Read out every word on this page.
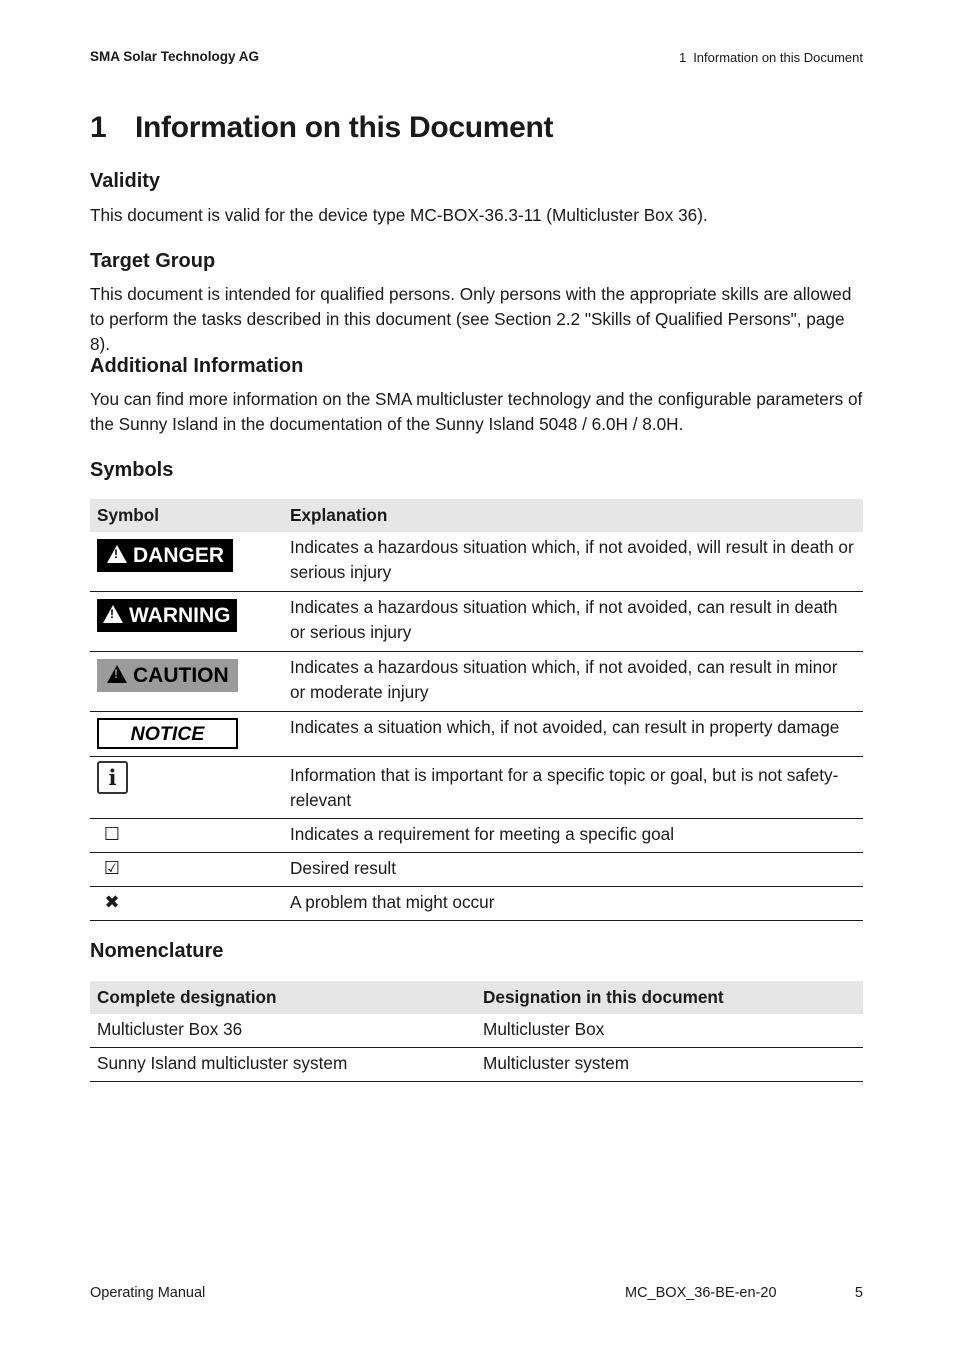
SMA Solar Technology AG	1 Information on this Document
1 Information on this Document
Validity

This document is valid for the device type MC-BOX-36.3-11 (Multicluster Box 36).

Target Group

This document is intended for qualified persons. Only persons with the appropriate skills are allowed to perform the tasks described in this document (see Section 2.2 "Skills of Qualified Persons", page 8).

Additional Information

You can find more information on the SMA multicluster technology and the configurable parameters of the Sunny Island in the documentation of the Sunny Island 5048 / 6.0H / 8.0H.

Symbols
Symbol	Explanation
!DANGER	Indicates a hazardous situation which, if not avoided, will result in death or serious injury
!WARNING	Indicates a hazardous situation which, if not avoided, can result in death or serious injury
!CAUTION	Indicates a hazardous situation which, if not avoided, can result in minor or moderate injury
NOTICE	Indicates a situation which, if not avoided, can result in property damage
i	Information that is important for a specific topic or goal, but is not safety-relevant
☐	Indicates a requirement for meeting a specific goal
☑	Desired result
✖	A problem that might occur
Nomenclature
Complete designation	Designation in this document
Multicluster Box 36	Multicluster Box
Sunny Island multicluster system	Multicluster system
Operating Manual	MC_BOX_36-BE-en-20	5
